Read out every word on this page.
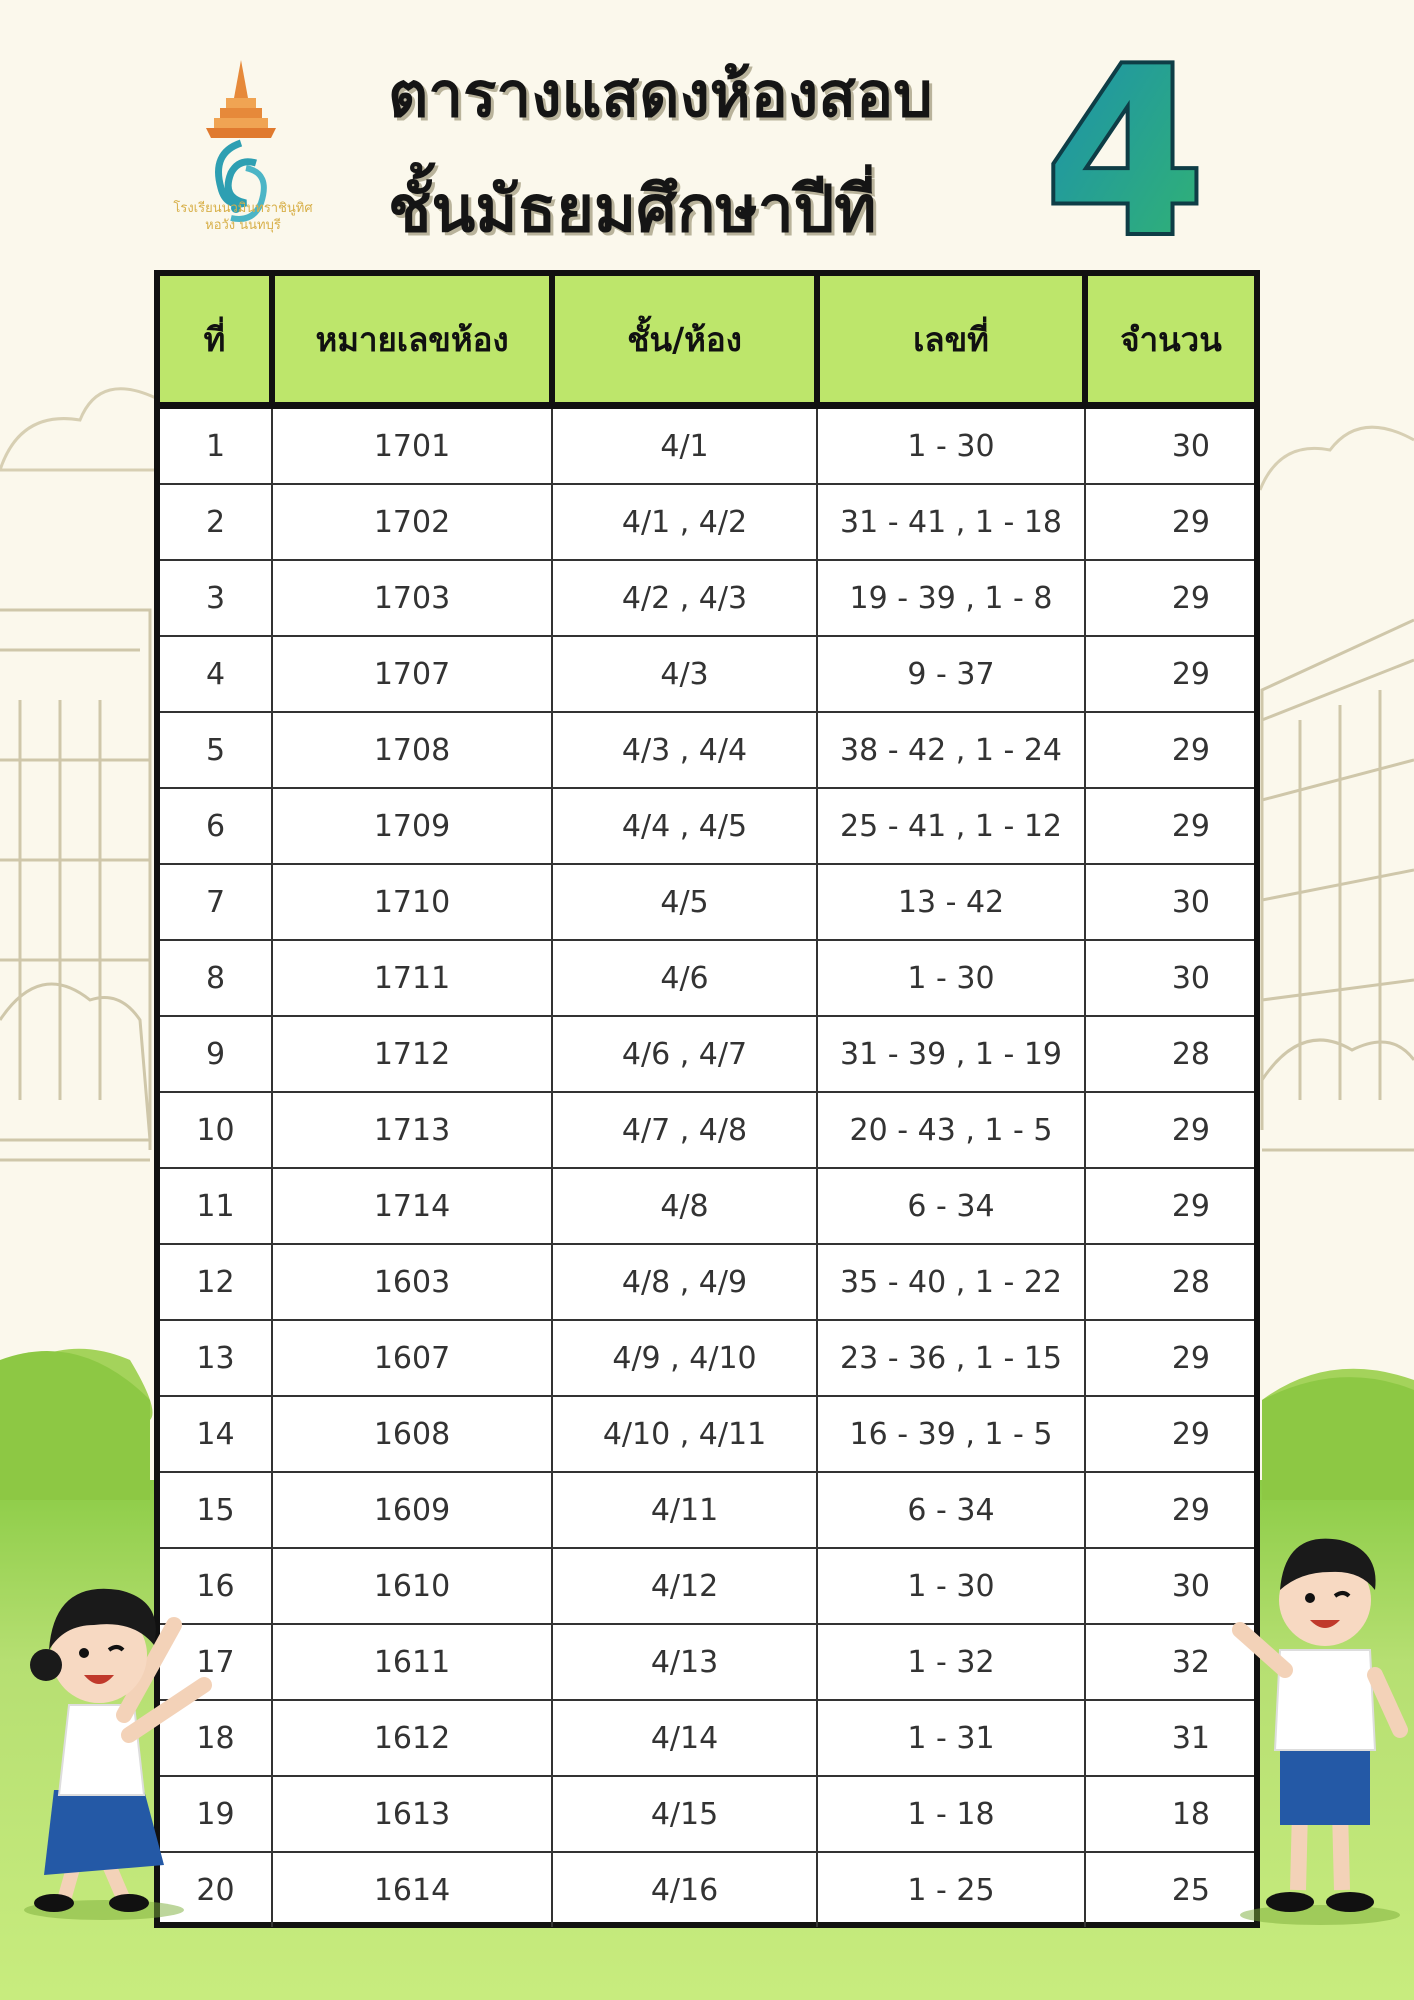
โรงเรียนนวมินทราชินูทิศ
หอวัง นนทบุรี
ตารางแสดงห้องสอบ
ชั้นมัธยมศึกษาปีที่ 4
ที่	หมายเลขห้อง	ชั้น/ห้อง	เลขที่	จำนวน
1	1701	4/1	1 - 30	30
2	1702	4/1 , 4/2	31 - 41 , 1 - 18	29
3	1703	4/2 , 4/3	19 - 39 , 1 - 8	29
4	1707	4/3	9 - 37	29
5	1708	4/3 , 4/4	38 - 42 , 1 - 24	29
6	1709	4/4 , 4/5	25 - 41 , 1 - 12	29
7	1710	4/5	13 - 42	30
8	1711	4/6	1 - 30	30
9	1712	4/6 , 4/7	31 - 39 , 1 - 19	28
10	1713	4/7 , 4/8	20 - 43 , 1 - 5	29
11	1714	4/8	6 - 34	29
12	1603	4/8 , 4/9	35 - 40 , 1 - 22	28
13	1607	4/9 , 4/10	23 - 36 , 1 - 15	29
14	1608	4/10 , 4/11	16 - 39 , 1 - 5	29
15	1609	4/11	6 - 34	29
16	1610	4/12	1 - 30	30
17	1611	4/13	1 - 32	32
18	1612	4/14	1 - 31	31
19	1613	4/15	1 - 18	18
20	1614	4/16	1 - 25	25
